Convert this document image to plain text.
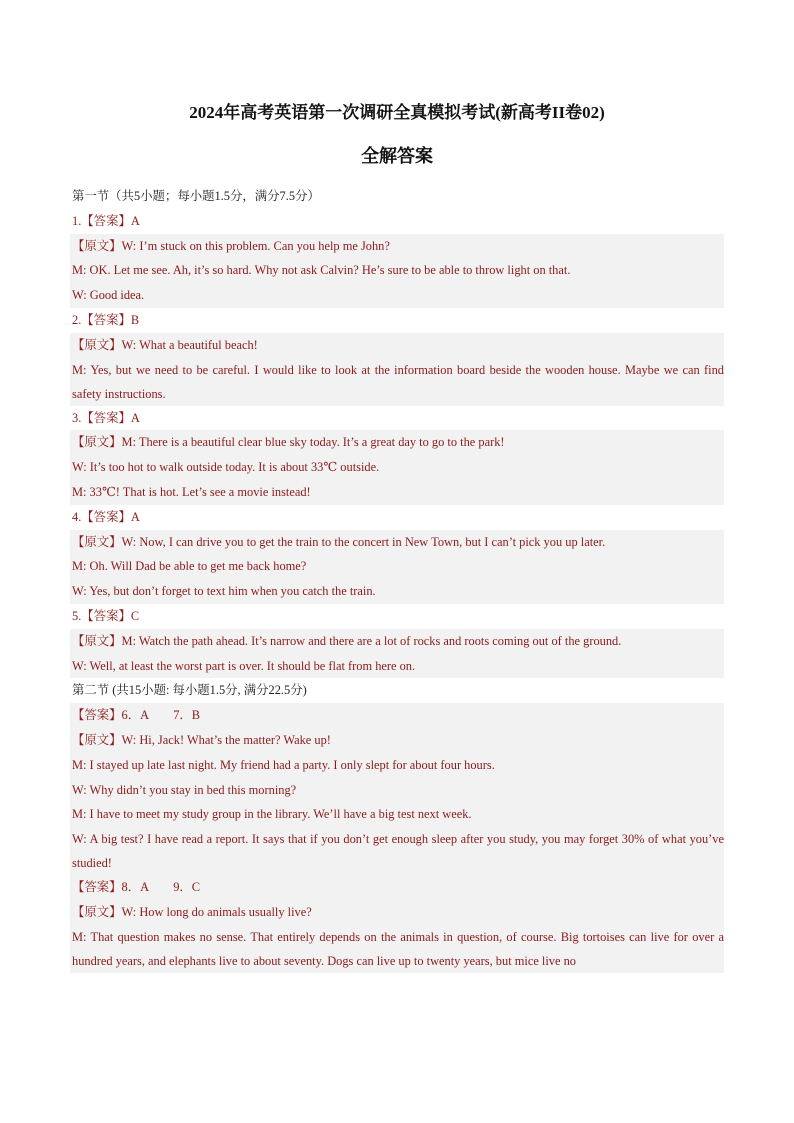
2024年高考英语第一次调研全真模拟考试(新高考II卷02)
全解答案
第一节（共5小题；每小题1.5分，满分7.5分）
1.【答案】A
【原文】W: I’m stuck on this problem. Can you help me John?
M: OK. Let me see. Ah, it’s so hard. Why not ask Calvin? He’s sure to be able to throw light on that.
W: Good idea.
2.【答案】B
【原文】W: What a beautiful beach!
M: Yes, but we need to be careful. I would like to look at the information board beside the wooden house. Maybe we can find safety instructions.
3.【答案】A
【原文】M: There is a beautiful clear blue sky today. It’s a great day to go to the park!
W: It’s too hot to walk outside today. It is about 33℃ outside.
M: 33℃! That is hot. Let’s see a movie instead!
4.【答案】A
【原文】W: Now, I can drive you to get the train to the concert in New Town, but I can’t pick you up later.
M: Oh. Will Dad be able to get me back home?
W: Yes, but don’t forget to text him when you catch the train.
5.【答案】C
【原文】M: Watch the path ahead. It’s narrow and there are a lot of rocks and roots coming out of the ground.
W: Well, at least the worst part is over. It should be flat from here on.
第二节 (共15小题: 每小题1.5分, 满分22.5分)
【答案】6．A　　7．B
【原文】W: Hi, Jack! What’s the matter? Wake up!
M: I stayed up late last night. My friend had a party. I only slept for about four hours.
W: Why didn’t you stay in bed this morning?
M: I have to meet my study group in the library. We’ll have a big test next week.
W: A big test? I have read a report. It says that if you don’t get enough sleep after you study, you may forget 30% of what you’ve studied!
【答案】8．A　　9．C
【原文】W: How long do animals usually live?
M: That question makes no sense. That entirely depends on the animals in question, of course. Big tortoises can live for over a hundred years, and elephants live to about seventy. Dogs can live up to twenty years, but mice live no
